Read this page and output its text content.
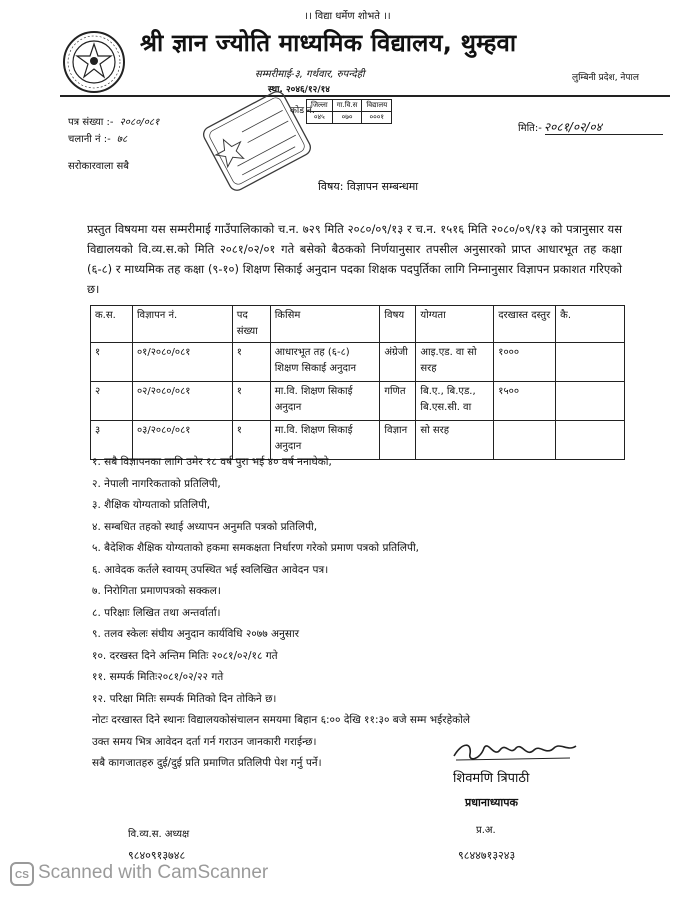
।। विद्या धर्मेण शोभते ।।
श्री ज्ञान ज्योति माध्यमिक विद्यालय, थुम्हवा
सम्मरीमाई-३, गर्थवार, रुपन्देही
स्था. २०४६/१२/१४
लुम्बिनी प्रदेश, नेपाल
कोड नं.
जिल्ला	गा.वि.स	विद्यालय
०४५	०७०	०००१
पत्र संख्या :- २०८०/०८१
चलानी नं :- ७८
मिति:- २०८१/०२/०४
सरोकारवाला सबै
विषय: विज्ञापन सम्बन्धमा
प्रस्तुत विषयमा यस सम्मरीमाई गाउँपालिकाको च.न. ७२९ मिति २०८०/०९/१३ र च.न. १५१६ मिति २०८०/०९/१३ को पत्रानुसार यस विद्यालयको वि.व्य.स.को मिति २०८१/०२/०१ गते बसेको बैठकको निर्णयानुसार तपसील अनुसारको प्राप्त आधारभूत तह कक्षा (६-८) र माध्यमिक तह कक्षा (९-१०) शिक्षण सिकाई अनुदान पदका शिक्षक पदपुर्तिका लागि निम्नानुसार विज्ञापन प्रकाशत गरिएको छ।
क.स.	विज्ञापन नं.	पद संख्या	किसिम	विषय	योग्यता	दरखास्त दस्तुर	कै.
१	०१/२०८०/०८१	१	आधारभूत तह (६-८) शिक्षण सिकाई अनुदान	अंग्रेजी	आइ.एड. वा सो सरह	१०००	
२	०२/२०८०/०८१	१	मा.वि. शिक्षण सिकाई अनुदान	गणित	बि.ए., बि.एड., बि.एस.सी. वा	१५००	
३	०३/२०८०/०८१	१	मा.वि. शिक्षण सिकाई अनुदान	विज्ञान	सो सरह		
१. सबै विज्ञापनका लागि उमेर १८ वर्ष पुरा भई ४० वर्ष ननाघेको,
२. नेपाली नागरिकताको प्रतिलिपी,
३. शैक्षिक योग्यताको प्रतिलिपी,
४. सम्बधित तहको स्थाई अध्यापन अनुमति पत्रको प्रतिलिपी,
५. बैदेशिक शैक्षिक योग्यताको हकमा समकक्षता निर्धारण गरेको प्रमाण पत्रको प्रतिलिपी,
६. आवेदक कर्तले स्वायम् उपस्थित भई स्वलिखित आवेदन पत्र।
७. निरोगिता प्रमाणपत्रको सक्कल।
८. परिक्षाः लिखित तथा अन्तर्वार्ता।
९. तलव स्केलः संघीय अनुदान कार्यविधि २०७७ अनुसार
१०. दरखस्त दिने अन्तिम मितिः २०८१/०२/१८ गते
११. सम्पर्क मितिः२०८१/०२/२२ गते
१२. परिक्षा मितिः सम्पर्क मितिको दिन तोकिने छ।
नोटः दरखास्त दिने स्थानः विद्यालयकोसंचालन समयमा बिहान ६:०० देखि ११:३० बजे सम्म भईरहेकोले
उक्त समय भित्र आवेदन दर्ता गर्न गराउन जानकारी गराईन्छ।
सबै कागजातहरु दुई/दुई प्रति प्रमाणित प्रतिलिपी पेश गर्नु पर्ने।
शिवमणि त्रिपाठी
प्रधानाध्यापक
प्र.अ.
९८४४७१३२४३
वि.व्य.स. अध्यक्ष
९८४०९१३७४८
CS Scanned with CamScanner
